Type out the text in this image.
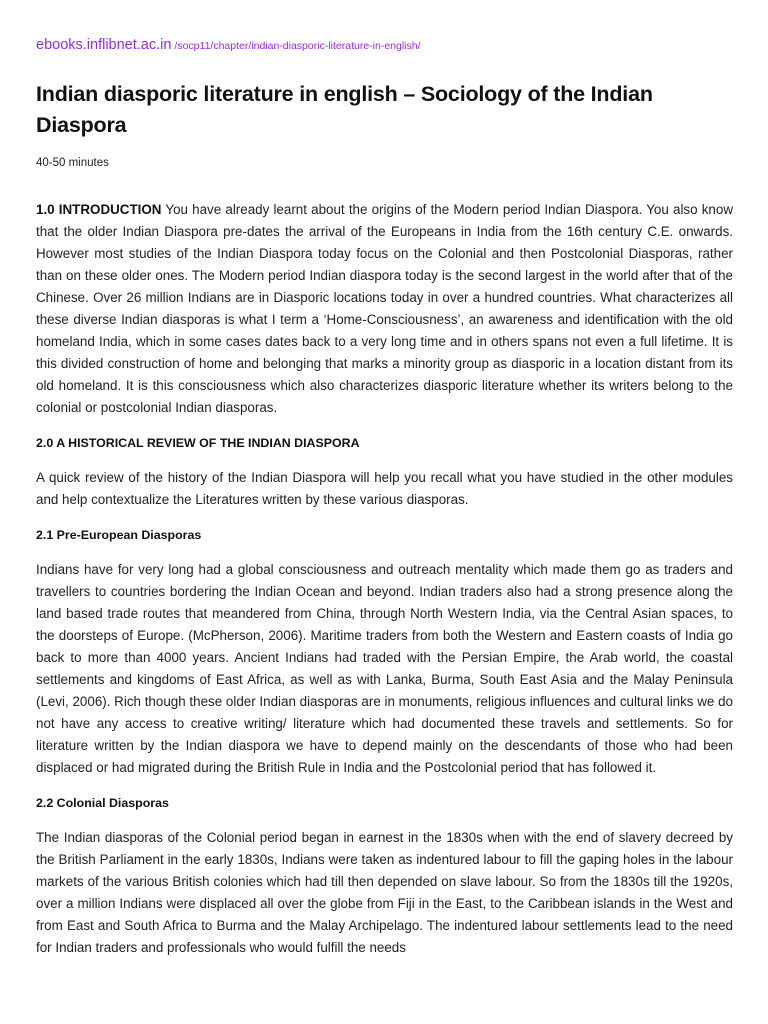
ebooks.inflibnet.ac.in /socp11/chapter/indian-diasporic-literature-in-english/
Indian diasporic literature in english – Sociology of the Indian Diaspora
40-50 minutes

1.0 INTRODUCTION You have already learnt about the origins of the Modern period Indian Diaspora. You also know that the older Indian Diaspora pre-dates the arrival of the Europeans in India from the 16th century C.E. onwards. However most studies of the Indian Diaspora today focus on the Colonial and then Postcolonial Diasporas, rather than on these older ones. The Modern period Indian diaspora today is the second largest in the world after that of the Chinese. Over 26 million Indians are in Diasporic locations today in over a hundred countries. What characterizes all these diverse Indian diasporas is what I term a ‘Home-Consciousness’, an awareness and identification with the old homeland India, which in some cases dates back to a very long time and in others spans not even a full lifetime. It is this divided construction of home and belonging that marks a minority group as diasporic in a location distant from its old homeland. It is this consciousness which also characterizes diasporic literature whether its writers belong to the colonial or postcolonial Indian diasporas.

2.0 A HISTORICAL REVIEW OF THE INDIAN DIASPORA

A quick review of the history of the Indian Diaspora will help you recall what you have studied in the other modules and help contextualize the Literatures written by these various diasporas.

2.1 Pre-European Diasporas

Indians have for very long had a global consciousness and outreach mentality which made them go as traders and travellers to countries bordering the Indian Ocean and beyond. Indian traders also had a strong presence along the land based trade routes that meandered from China, through North Western India, via the Central Asian spaces, to the doorsteps of Europe. (McPherson, 2006). Maritime traders from both the Western and Eastern coasts of India go back to more than 4000 years. Ancient Indians had traded with the Persian Empire, the Arab world, the coastal settlements and kingdoms of East Africa, as well as with Lanka, Burma, South East Asia and the Malay Peninsula (Levi, 2006). Rich though these older Indian diasporas are in monuments, religious influences and cultural links we do not have any access to creative writing/ literature which had documented these travels and settlements. So for literature written by the Indian diaspora we have to depend mainly on the descendants of those who had been displaced or had migrated during the British Rule in India and the Postcolonial period that has followed it.

2.2 Colonial Diasporas

The Indian diasporas of the Colonial period began in earnest in the 1830s when with the end of slavery decreed by the British Parliament in the early 1830s, Indians were taken as indentured labour to fill the gaping holes in the labour markets of the various British colonies which had till then depended on slave labour. So from the 1830s till the 1920s, over a million Indians were displaced all over the globe from Fiji in the East, to the Caribbean islands in the West and from East and South Africa to Burma and the Malay Archipelago. The indentured labour settlements lead to the need for Indian traders and professionals who would fulfill the needs
